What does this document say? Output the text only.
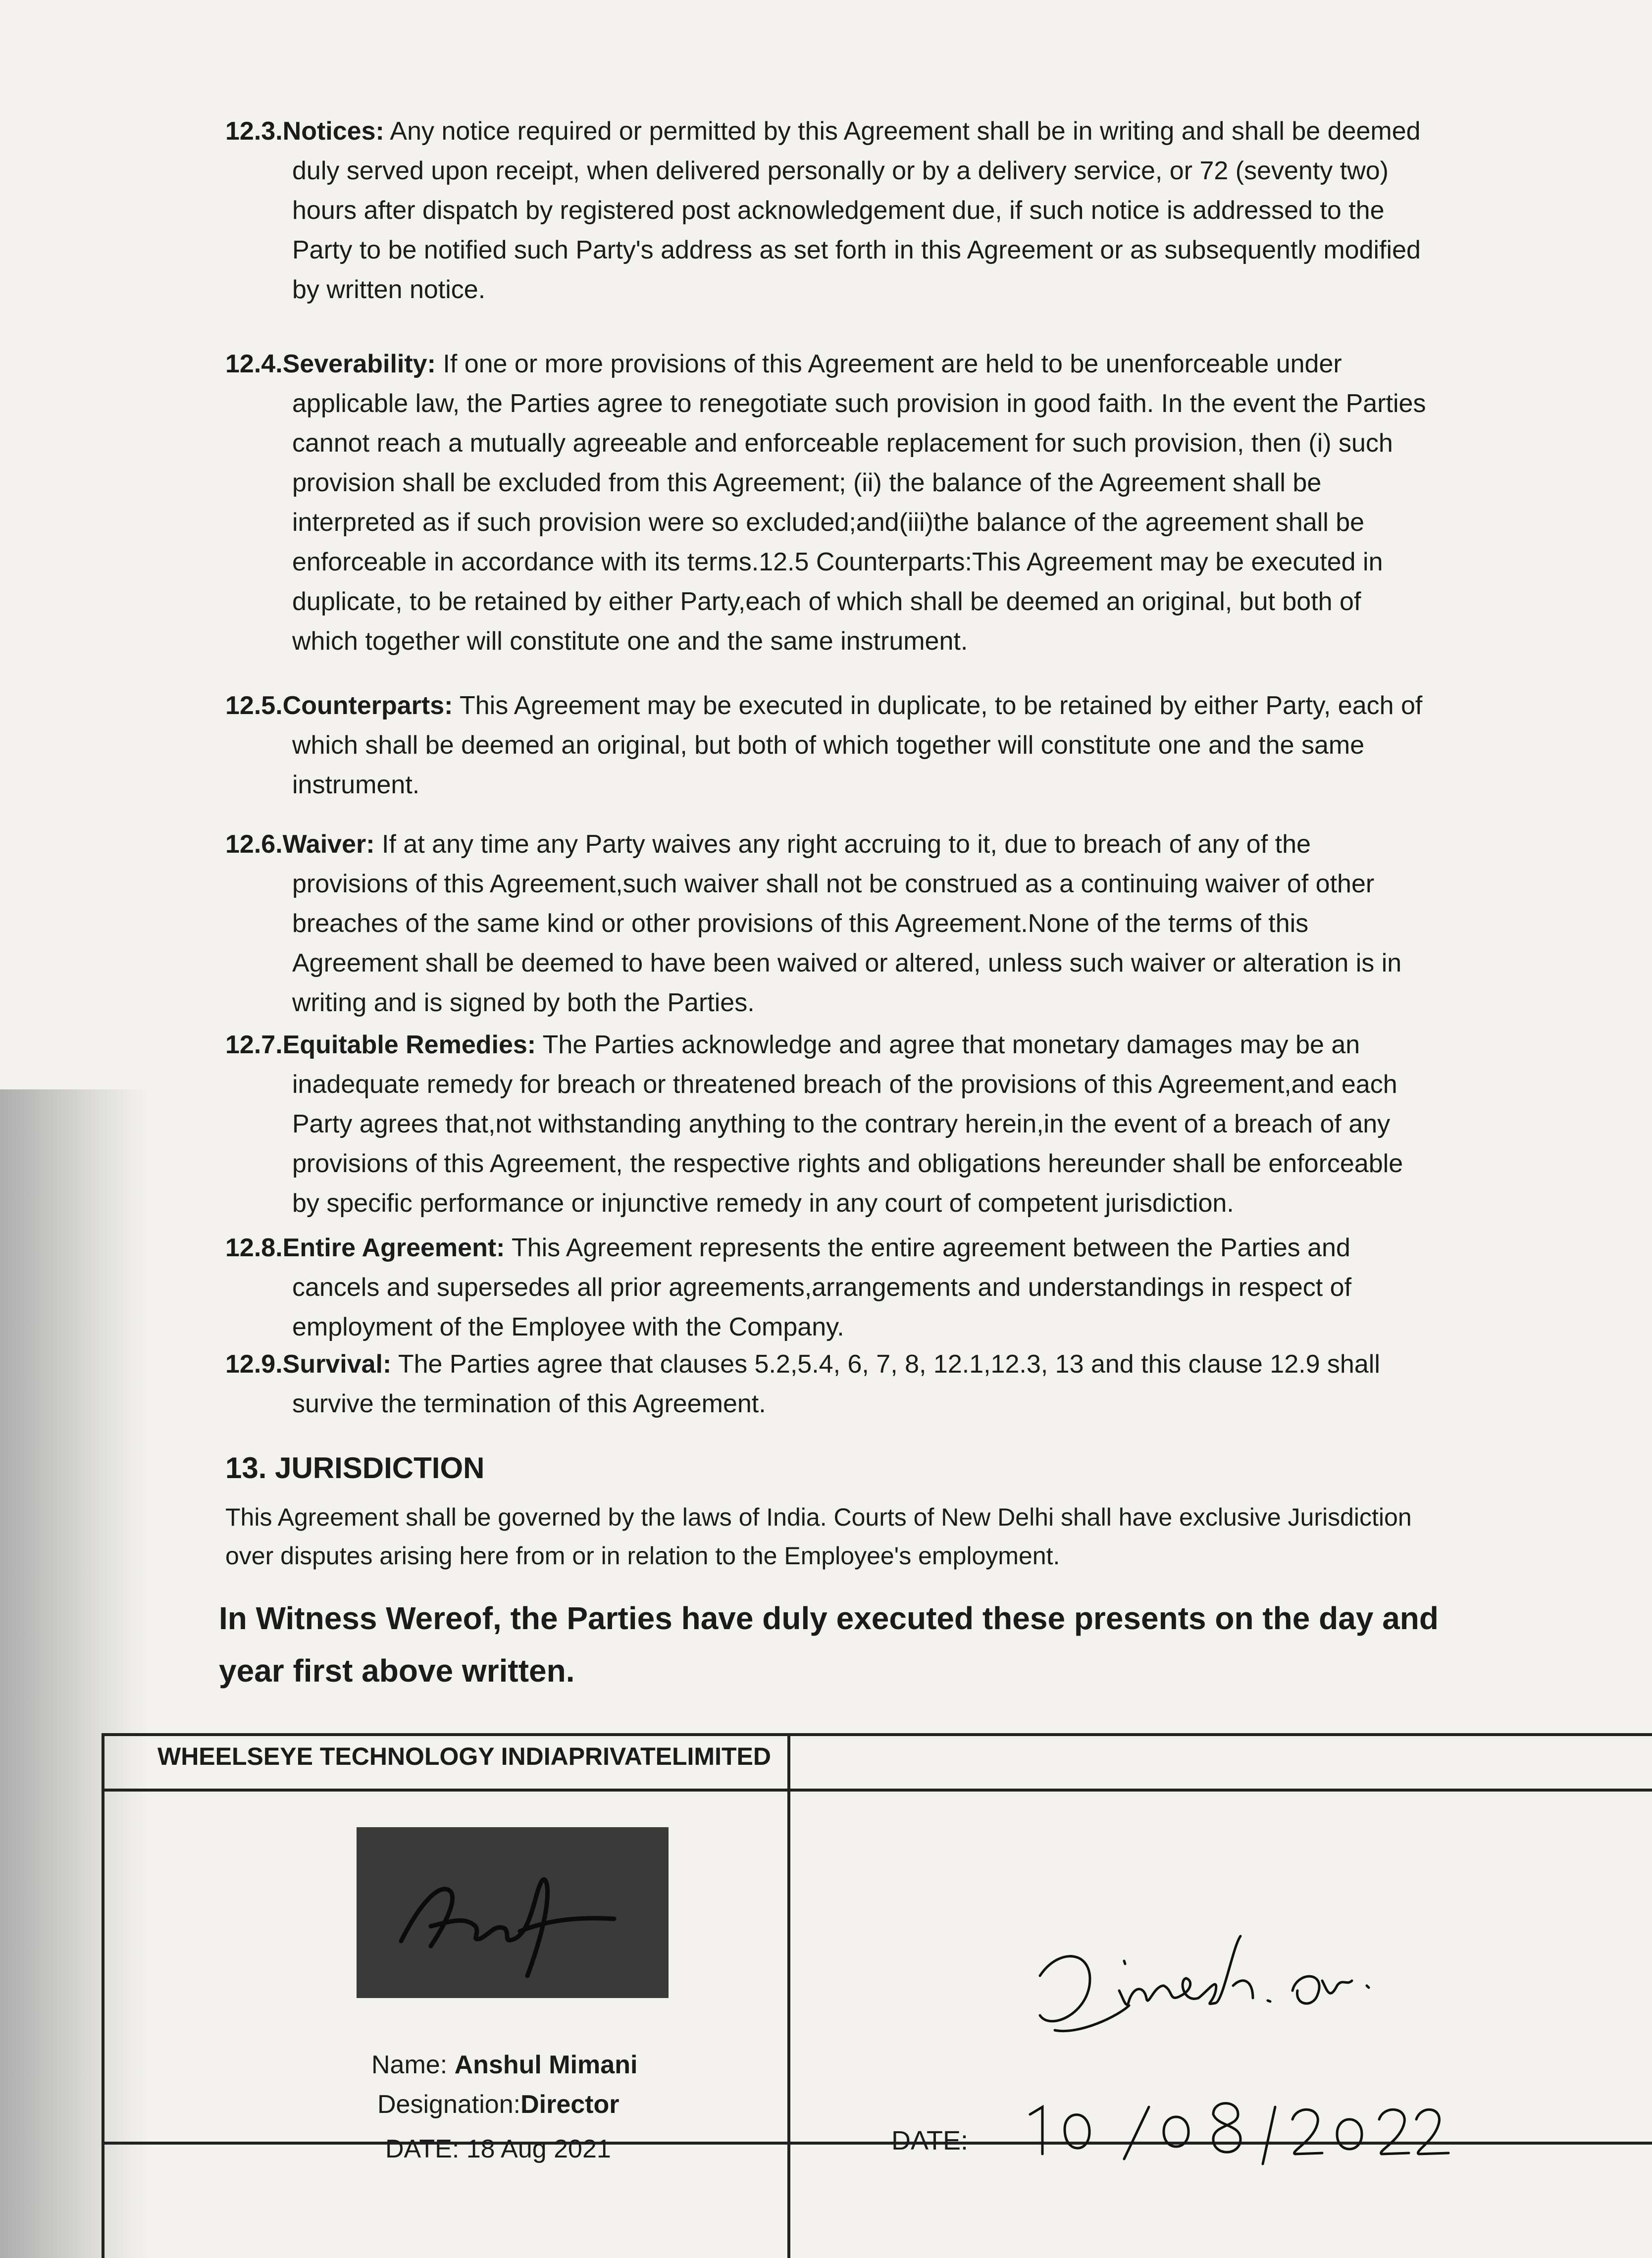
12.3.Notices: Any notice required or permitted by this Agreement shall be in writing and shall be deemed duly served upon receipt, when delivered personally or by a delivery service, or 72 (seventy two) hours after dispatch by registered post acknowledgement due, if such notice is addressed to the Party to be notified such Party's address as set forth in this Agreement or as subsequently modified by written notice.
12.4.Severability: If one or more provisions of this Agreement are held to be unenforceable under applicable law, the Parties agree to renegotiate such provision in good faith. In the event the Parties cannot reach a mutually agreeable and enforceable replacement for such provision, then (i) such provision shall be excluded from this Agreement; (ii) the balance of the Agreement shall be interpreted as if such provision were so excluded;and(iii)the balance of the agreement shall be enforceable in accordance with its terms.12.5 Counterparts:This Agreement may be executed in duplicate, to be retained by either Party,each of which shall be deemed an original, but both of which together will constitute one and the same instrument.
12.5.Counterparts: This Agreement may be executed in duplicate, to be retained by either Party, each of which shall be deemed an original, but both of which together will constitute one and the same instrument.
12.6.Waiver: If at any time any Party waives any right accruing to it, due to breach of any of the provisions of this Agreement,such waiver shall not be construed as a continuing waiver of other breaches of the same kind or other provisions of this Agreement.None of the terms of this Agreement shall be deemed to have been waived or altered, unless such waiver or alteration is in writing and is signed by both the Parties.
12.7.Equitable Remedies: The Parties acknowledge and agree that monetary damages may be an inadequate remedy for breach or threatened breach of the provisions of this Agreement,and each Party agrees that,not withstanding anything to the contrary herein,in the event of a breach of any provisions of this Agreement, the respective rights and obligations hereunder shall be enforceable by specific performance or injunctive remedy in any court of competent jurisdiction.
12.8.Entire Agreement: This Agreement represents the entire agreement between the Parties and cancels and supersedes all prior agreements,arrangements and understandings in respect of employment of the Employee with the Company.
12.9.Survival: The Parties agree that clauses 5.2,5.4, 6, 7, 8, 12.1,12.3, 13 and this clause 12.9 shall survive the termination of this Agreement.
13. JURISDICTION
This Agreement shall be governed by the laws of India. Courts of New Delhi shall have exclusive Jurisdiction over disputes arising here from or in relation to the Employee's employment.
In Witness Wereof, the Parties have duly executed these presents on the day and year first above written.
WHEELSEYE TECHNOLOGY INDIAPRIVATELIMITED
Name: Anshul Mimani
Designation:Director
DATE: 18 Aug 2021	DATE:
